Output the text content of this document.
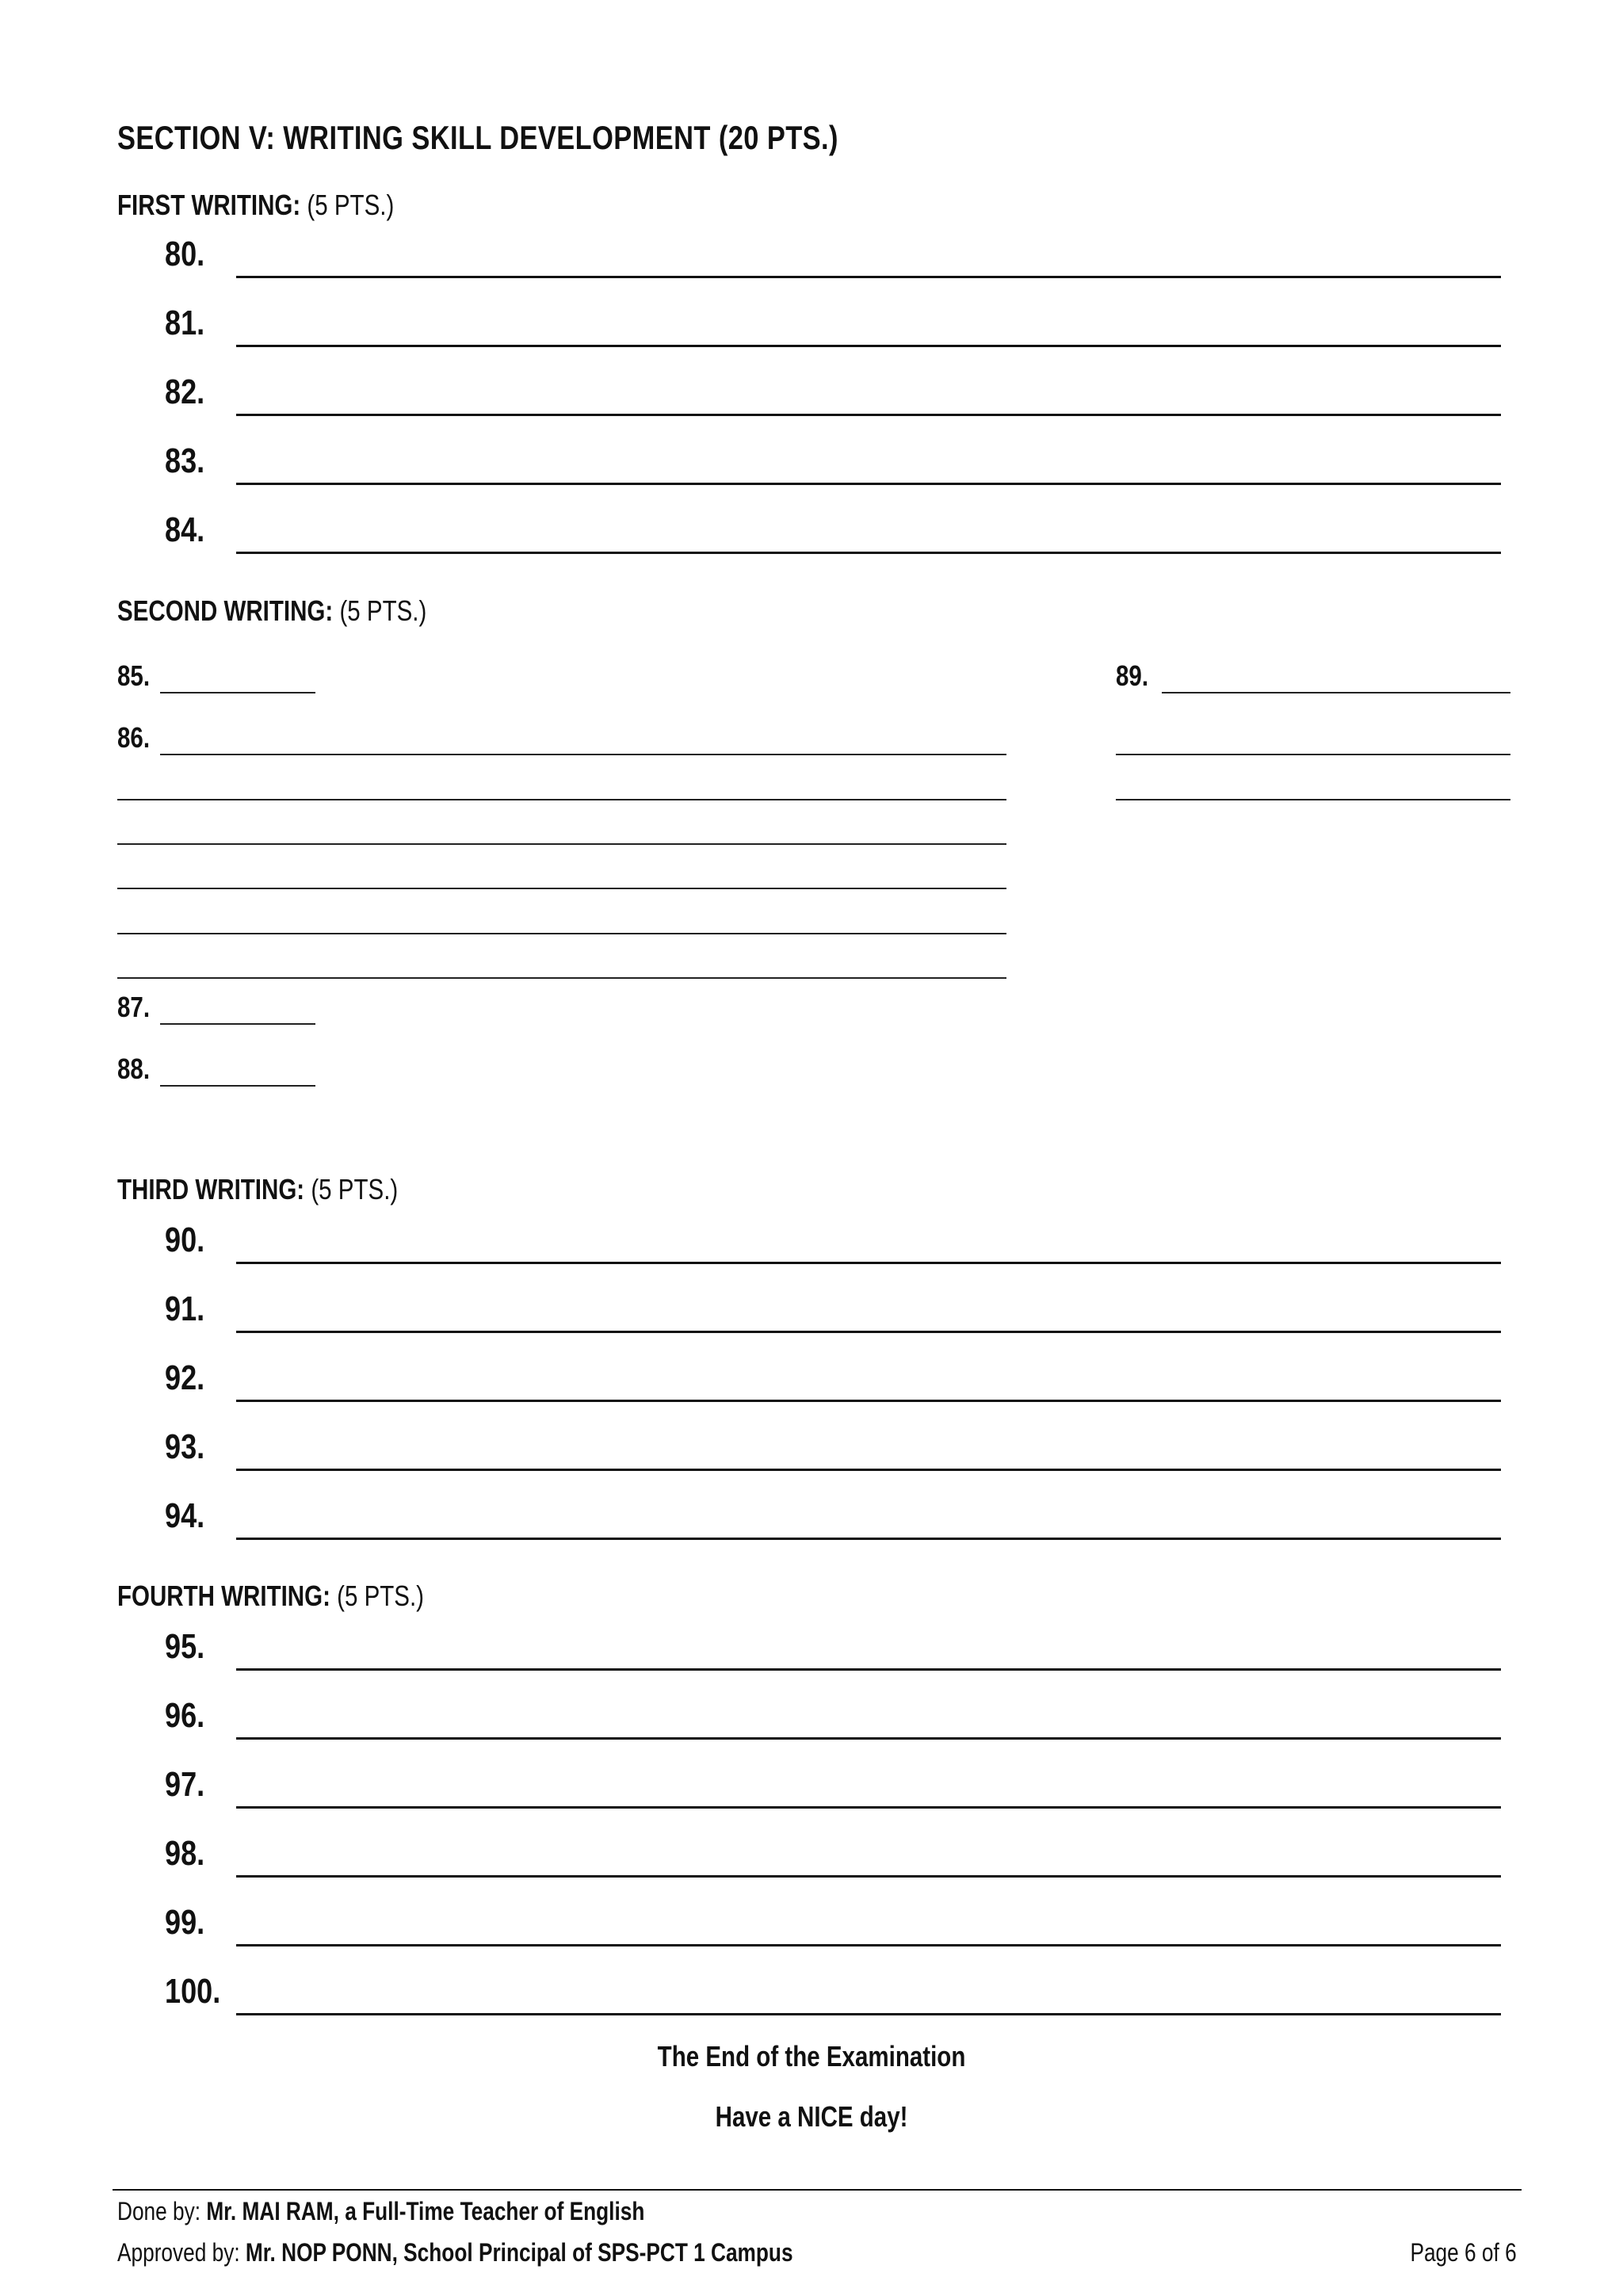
SECTION V: WRITING SKILL DEVELOPMENT (20 PTS.)
FIRST WRITING: (5 PTS.)
80.
81.
82.
83.
84.
SECOND WRITING: (5 PTS.)
85.
86.
87.
88.
89.
THIRD WRITING: (5 PTS.)
90.
91.
92.
93.
94.
FOURTH WRITING: (5 PTS.)
95.
96.
97.
98.
99.
100.
The End of the Examination
Have a NICE day!
Done by: Mr. MAI RAM, a Full-Time Teacher of English
Approved by: Mr. NOP PONN, School Principal of SPS-PCT 1 Campus	Page 6 of 6
